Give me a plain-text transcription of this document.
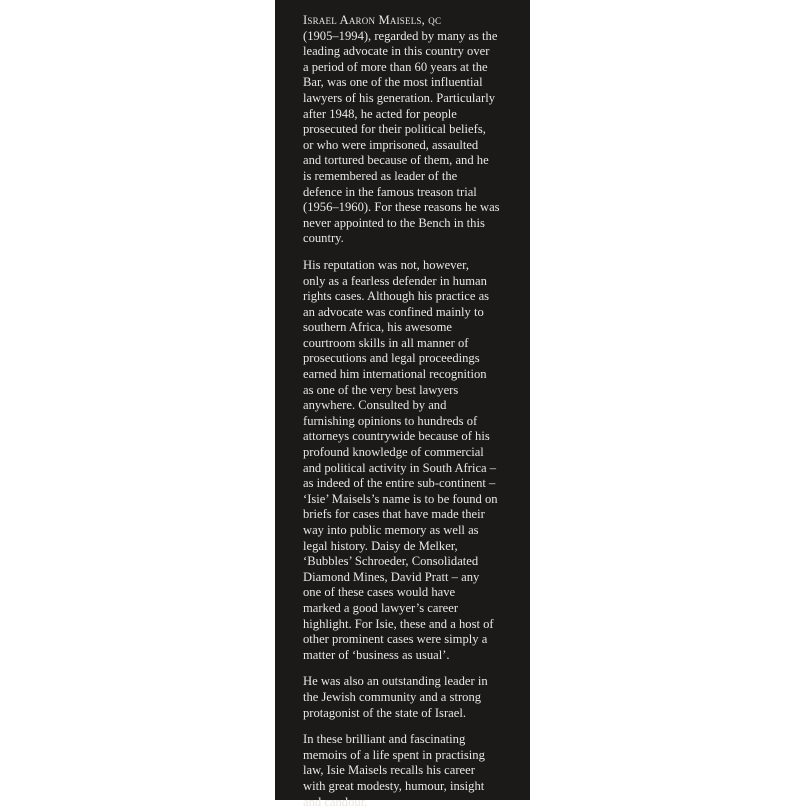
Israel Aaron Maisels, qc
(1905–1994), regarded by many as the
leading advocate in this country over
a period of more than 60 years at the
Bar, was one of the most influential
lawyers of his generation. Particularly
after 1948, he acted for people
prosecuted for their political beliefs,
or who were imprisoned, assaulted
and tortured because of them, and he
is remembered as leader of the
defence in the famous treason trial
(1956–1960). For these reasons he was
never appointed to the Bench in this
country.
His reputation was not, however,
only as a fearless defender in human
rights cases. Although his practice as
an advocate was confined mainly to
southern Africa, his awesome
courtroom skills in all manner of
prosecutions and legal proceedings
earned him international recognition
as one of the very best lawyers
anywhere. Consulted by and
furnishing opinions to hundreds of
attorneys countrywide because of his
profound knowledge of commercial
and political activity in South Africa –
as indeed of the entire sub-continent –
‘Isie’ Maisels’s name is to be found on
briefs for cases that have made their
way into public memory as well as
legal history. Daisy de Melker,
‘Bubbles’ Schroeder, Consolidated
Diamond Mines, David Pratt – any
one of these cases would have
marked a good lawyer’s career
highlight. For Isie, these and a host of
other prominent cases were simply a
matter of ‘business as usual’.
He was also an outstanding leader in
the Jewish community and a strong
protagonist of the state of Israel.
In these brilliant and fascinating
memoirs of a life spent in practising
law, Isie Maisels recalls his career
with great modesty, humour, insight
and candour.
